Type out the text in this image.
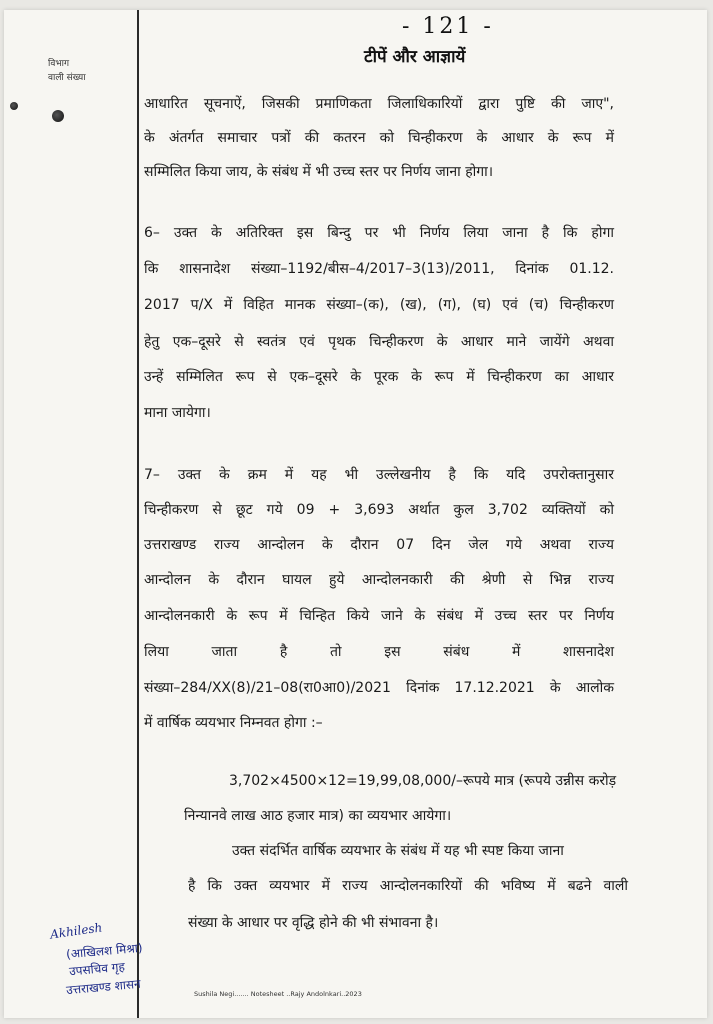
विभाग
वाली संख्या
- 121 -
टीपें और आज्ञायें
आधारित सूचनाऐं, जिसकी प्रमाणिकता जिलाधिकारियों द्वारा पुष्टि की जाए",
के अंतर्गत समाचार पत्रों की कतरन को चिन्हीकरण के आधार के रूप में
सम्मिलित किया जाय, के संबंध में भी उच्च स्तर पर निर्णय जाना होगा।
6– उक्त के अतिरिक्त इस बिन्दु पर भी निर्णय लिया जाना है कि होगा
कि शासनादेश संख्या–1192/बीस–4/2017–3(13)/2011, दिनांक 01.12.
2017 प/X में विहित मानक संख्या–(क), (ख), (ग), (घ) एवं (च) चिन्हीकरण
हेतु एक–दूसरे से स्वतंत्र एवं पृथक चिन्हीकरण के आधार माने जायेंगे अथवा
उन्हें सम्मिलित रूप से एक–दूसरे के पूरक के रूप में चिन्हीकरण का आधार
माना जायेगा।
7– उक्त के क्रम में यह भी उल्लेखनीय है कि यदि उपरोक्तानुसार
चिन्हीकरण से छूट गये 09 + 3,693 अर्थात कुल 3,702 व्यक्तियों को
उत्तराखण्ड राज्य आन्दोलन के दौरान 07 दिन जेल गये अथवा राज्य
आन्दोलन के दौरान घायल हुये आन्दोलनकारी की श्रेणी से भिन्न राज्य
आन्दोलनकारी के रूप में चिन्हित किये जाने के संबंध में उच्च स्तर पर निर्णय
लिया जाता है तो इस संबंध में शासनादेश
संख्या–284/XX(8)/21–08(रा0आ0)/2021 दिनांक 17.12.2021 के आलोक
में वार्षिक व्ययभार निम्नवत होगा :–
3,702×4500×12=19,99,08,000/–रूपये मात्र (रूपये उन्नीस करोड़
निन्यानवे लाख आठ हजार मात्र) का व्ययभार आयेगा।
उक्त संदर्भित वार्षिक व्ययभार के संबंध में यह भी स्पष्ट किया जाना
है कि उक्त व्ययभार में राज्य आन्दोलनकारियों की भविष्य में बढने वाली
संख्या के आधार पर वृद्धि होने की भी संभावना है।
Akhilesh
(आखिलश मिश्रा)
उपसचिव गृह
उत्तराखण्ड शासन	Sushila Negi....... Notesheet ..Rajy Andolnkari..2023
